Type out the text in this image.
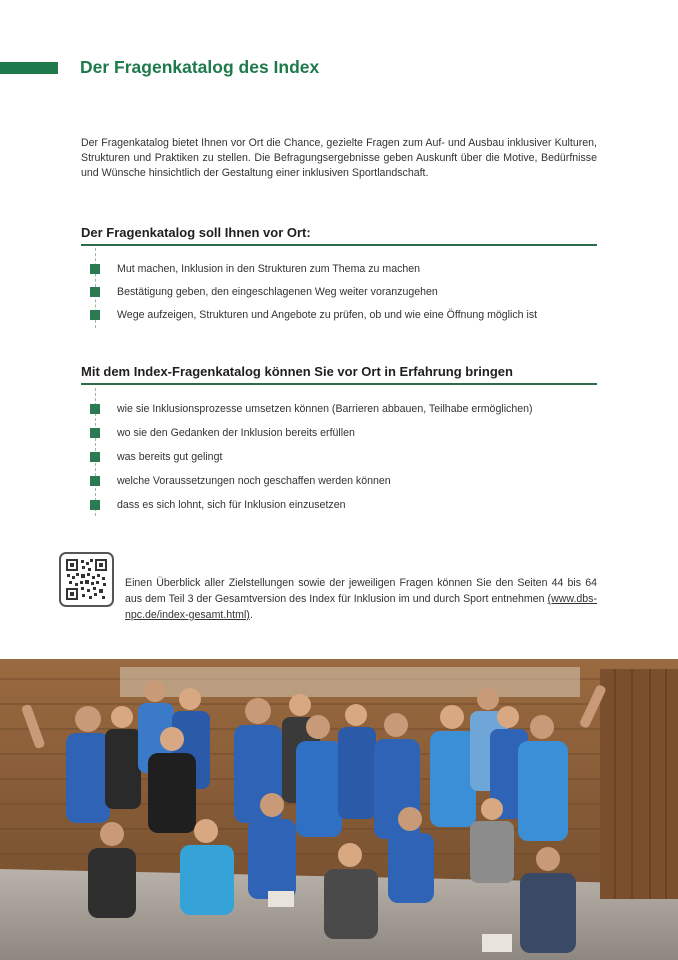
Der Fragenkatalog des Index

Der Fragenkatalog bietet Ihnen vor Ort die Chance, gezielte Fragen zum Auf- und Ausbau inklusiver Kulturen, Strukturen und Praktiken zu stellen. Die Befragungsergebnisse geben Auskunft über die Motive, Bedürfnisse und Wünsche hinsichtlich der Gestaltung einer inklusiven Sportlandschaft.

Der Fragenkatalog soll Ihnen vor Ort:
Mut machen, Inklusion in den Strukturen zum Thema zu machen
Bestätigung geben, den eingeschlagenen Weg weiter voranzugehen
Wege aufzeigen, Strukturen und Angebote zu prüfen, ob und wie eine Öffnung möglich ist
Mit dem Index-Fragenkatalog können Sie vor Ort in Erfahrung bringen
wie sie Inklusionsprozesse umsetzen können (Barrieren abbauen, Teilhabe ermöglichen)
wo sie den Gedanken der Inklusion bereits erfüllen
was bereits gut gelingt
welche Voraussetzungen noch geschaffen werden können
dass es sich lohnt, sich für Inklusion einzusetzen

Einen Überblick aller Zielstellungen sowie der jeweiligen Fragen können Sie den Seiten 44 bis 64 aus dem Teil 3 der Gesamtversion des Index für Inklusion im und durch Sport entnehmen (www.dbs-npc.de/index-gesamt.html).
